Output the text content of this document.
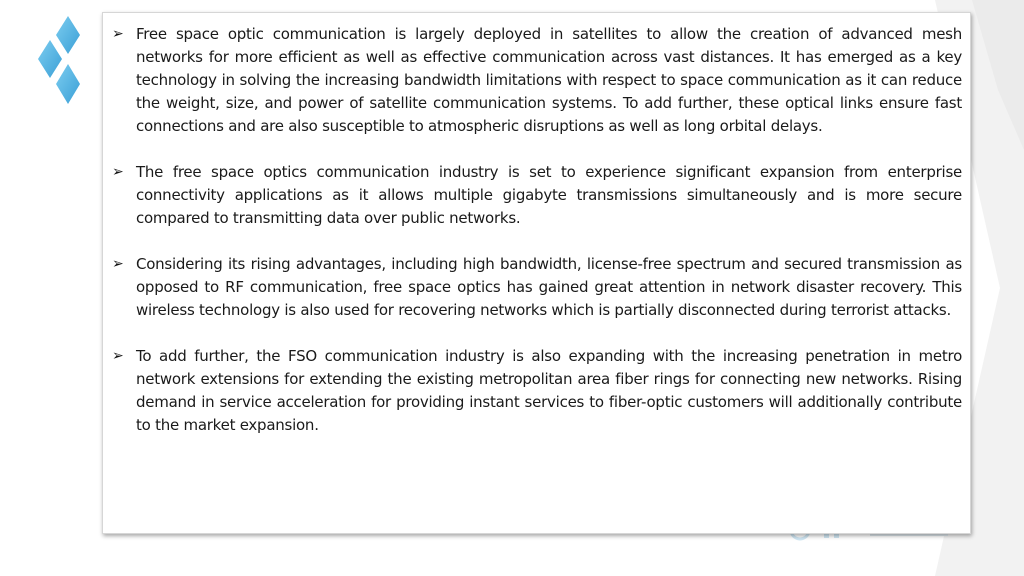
➢ Free space optic communication is largely deployed in satellites to allow the creation of advanced mesh networks for more efficient as well as effective communication across vast distances. It has emerged as a key technology in solving the increasing bandwidth limitations with respect to space communication as it can reduce the weight, size, and power of satellite communication systems. To add further, these optical links ensure fast connections and are also susceptible to atmospheric disruptions as well as long orbital delays.
➢ The free space optics communication industry is set to experience significant expansion from enterprise connectivity applications as it allows multiple gigabyte transmissions simultaneously and is more secure compared to transmitting data over public networks.
➢ Considering its rising advantages, including high bandwidth, license-free spectrum and secured transmission as opposed to RF communication, free space optics has gained great attention in network disaster recovery. This wireless technology is also used for recovering networks which is partially disconnected during terrorist attacks.
➢ To add further, the FSO communication industry is also expanding with the increasing penetration in metro network extensions for extending the existing metropolitan area fiber rings for connecting new networks. Rising demand in service acceleration for providing instant services to fiber-optic customers will additionally contribute to the market expansion.
